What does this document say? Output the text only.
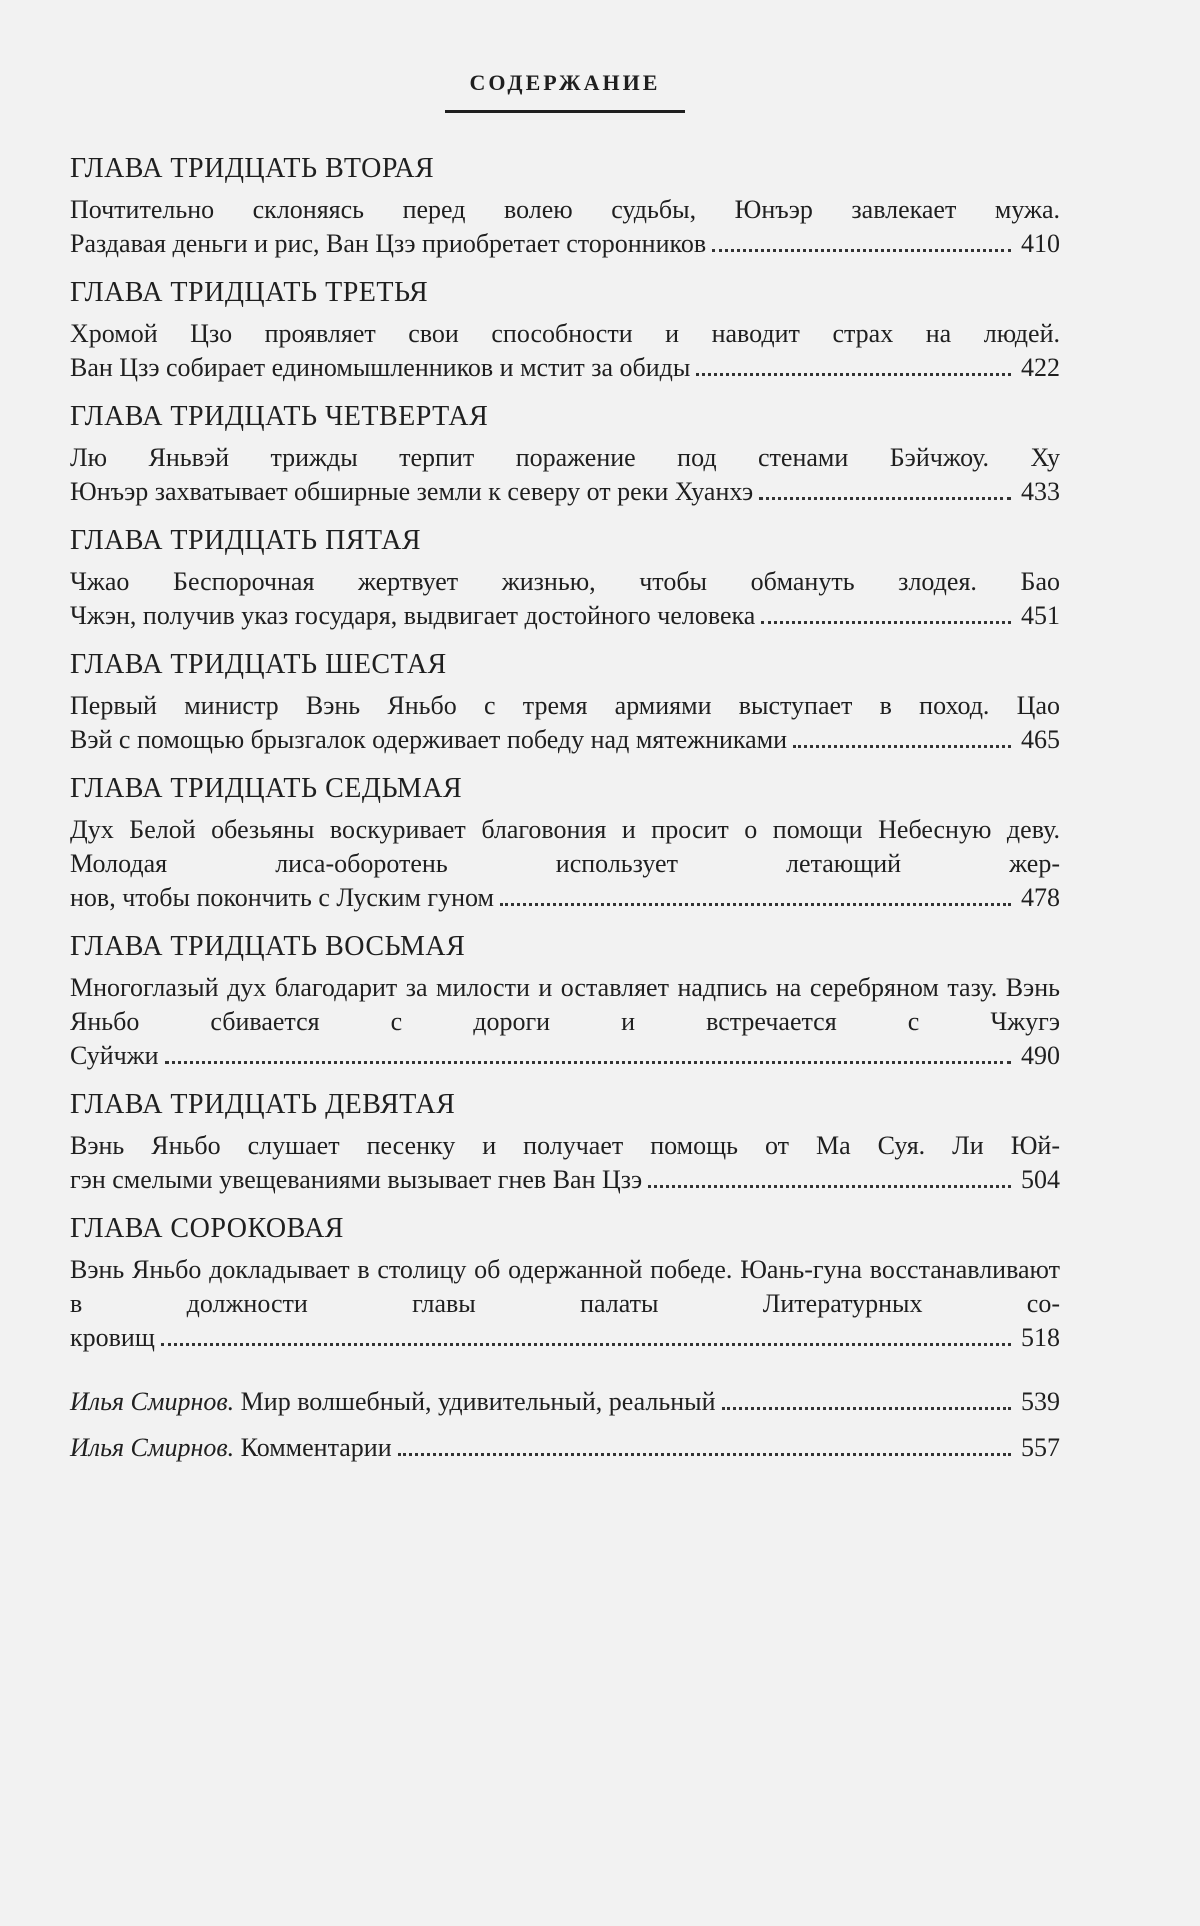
СОДЕРЖАНИЕ
ГЛАВА ТРИДЦАТЬ ВТОРАЯ
Почтительно склоняясь перед волею судьбы, Юнъэр завлекает мужа.
Раздавая деньги и рис, Ван Цзэ приобретает сторонников	410
ГЛАВА ТРИДЦАТЬ ТРЕТЬЯ
Хромой Цзо проявляет свои способности и наводит страх на людей.
Ван Цзэ собирает единомышленников и мстит за обиды	422
ГЛАВА ТРИДЦАТЬ ЧЕТВЕРТАЯ
Лю Яньвэй трижды терпит поражение под стенами Бэйчжоу. Ху
Юнъэр захватывает обширные земли к северу от реки Хуанхэ	433
ГЛАВА ТРИДЦАТЬ ПЯТАЯ
Чжао Беспорочная жертвует жизнью, чтобы обмануть злодея. Бао
Чжэн, получив указ государя, выдвигает достойного человека	451
ГЛАВА ТРИДЦАТЬ ШЕСТАЯ
Первый министр Вэнь Яньбо с тремя армиями выступает в поход. Цао
Вэй с помощью брызгалок одерживает победу над мятежниками	465
ГЛАВА ТРИДЦАТЬ СЕДЬМАЯ
Дух Белой обезьяны воскуривает благовония и просит о помощи Небесную деву. Молодая лиса-оборотень использует летающий жер-
нов, чтобы покончить с Луским гуном	478
ГЛАВА ТРИДЦАТЬ ВОСЬМАЯ
Многоглазый дух благодарит за милости и оставляет надпись на серебряном тазу. Вэнь Яньбо сбивается с дороги и встречается с Чжугэ
Суйчжи	490
ГЛАВА ТРИДЦАТЬ ДЕВЯТАЯ
Вэнь Яньбо слушает песенку и получает помощь от Ма Суя. Ли Юй-
гэн смелыми увещеваниями вызывает гнев Ван Цзэ	504
ГЛАВА СОРОКОВАЯ
Вэнь Яньбо докладывает в столицу об одержанной победе. Юань-гуна восстанавливают в должности главы палаты Литературных со-
кровищ	518
Илья Смирнов. Мир волшебный, удивительный, реальный	539
Илья Смирнов. Комментарии	557
